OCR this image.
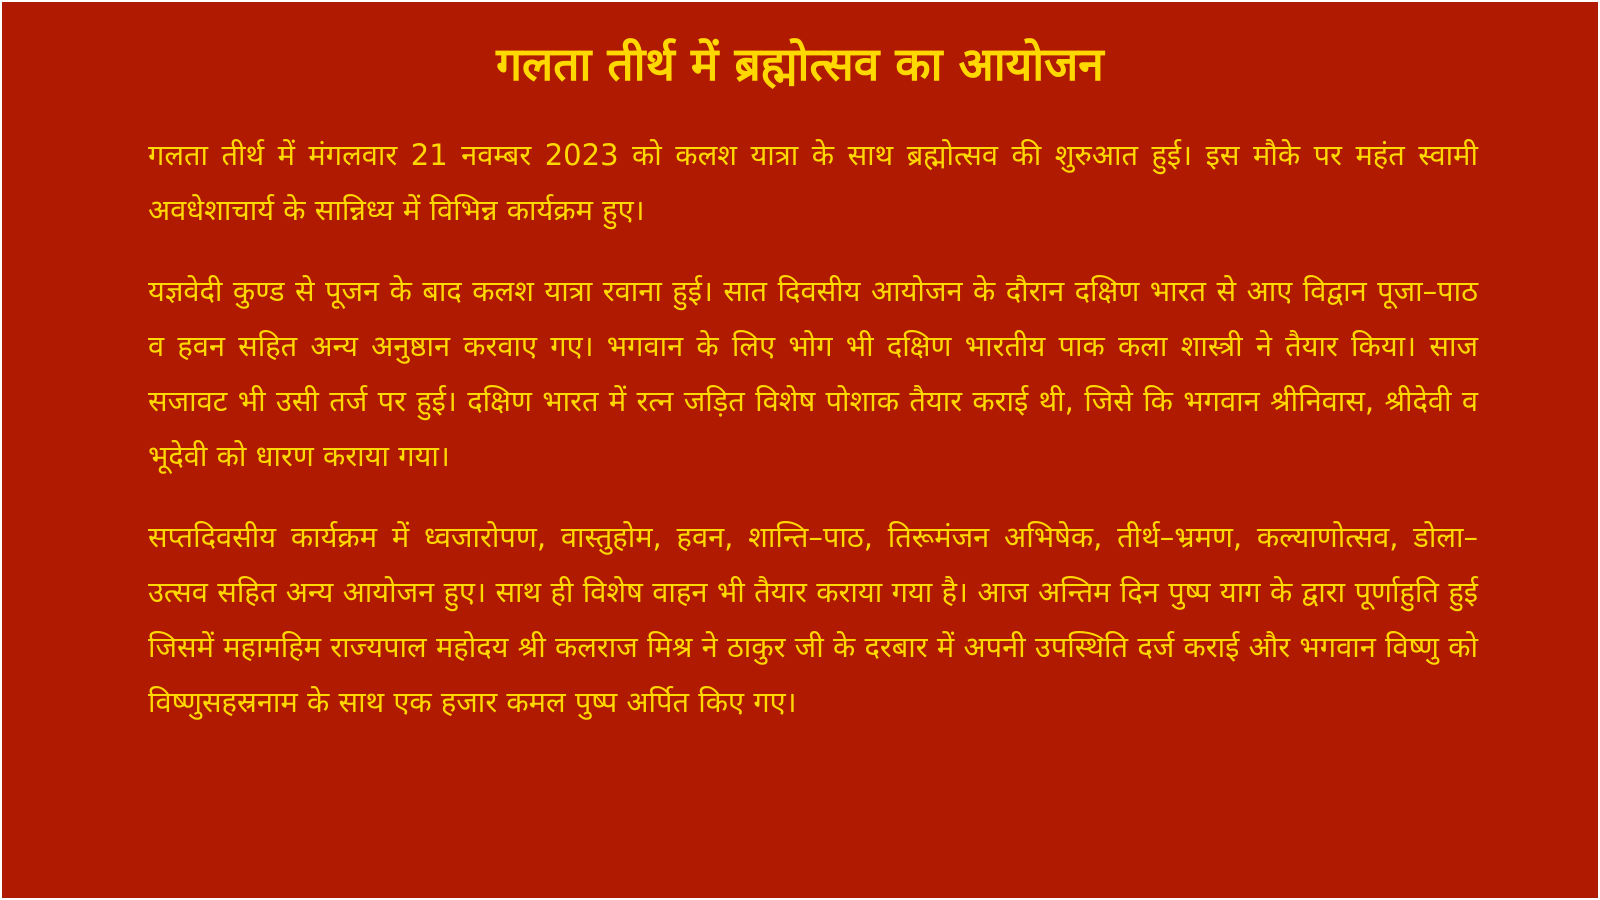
गलता तीर्थ में ब्रह्मोत्सव का आयोजन

गलता तीर्थ में मंगलवार 21 नवम्बर 2023 को कलश यात्रा के साथ ब्रह्मोत्सव की शुरुआत हुई। इस मौके पर महंत स्वामी अवधेशाचार्य के सान्निध्य में विभिन्न कार्यक्रम हुए।

यज्ञवेदी कुण्ड से पूजन के बाद कलश यात्रा रवाना हुई। सात दिवसीय आयोजन के दौरान दक्षिण भारत से आए विद्वान पूजा–पाठ व हवन सहित अन्य अनुष्ठान करवाए गए। भगवान के लिए भोग भी दक्षिण भारतीय पाक कला शास्त्री ने तैयार किया। साज सजावट भी उसी तर्ज पर हुई। दक्षिण भारत में रत्न जड़ित विशेष पोशाक तैयार कराई थी, जिसे कि भगवान श्रीनिवास, श्रीदेवी व भूदेवी को धारण कराया गया।

सप्तदिवसीय कार्यक्रम में ध्वजारोपण, वास्तुहोम, हवन, शान्ति–पाठ, तिरूमंजन अभिषेक, तीर्थ–भ्रमण, कल्याणोत्सव, डोला– उत्सव सहित अन्य आयोजन हुए। साथ ही विशेष वाहन भी तैयार कराया गया है। आज अन्तिम दिन पुष्प याग के द्वारा पूर्णाहुति हुई जिसमें महामहिम राज्यपाल महोदय श्री कलराज मिश्र ने ठाकुर जी के दरबार में अपनी उपस्थिति दर्ज कराई और भगवान विष्णु को विष्णुसहस्रनाम के साथ एक हजार कमल पुष्प अर्पित किए गए।
